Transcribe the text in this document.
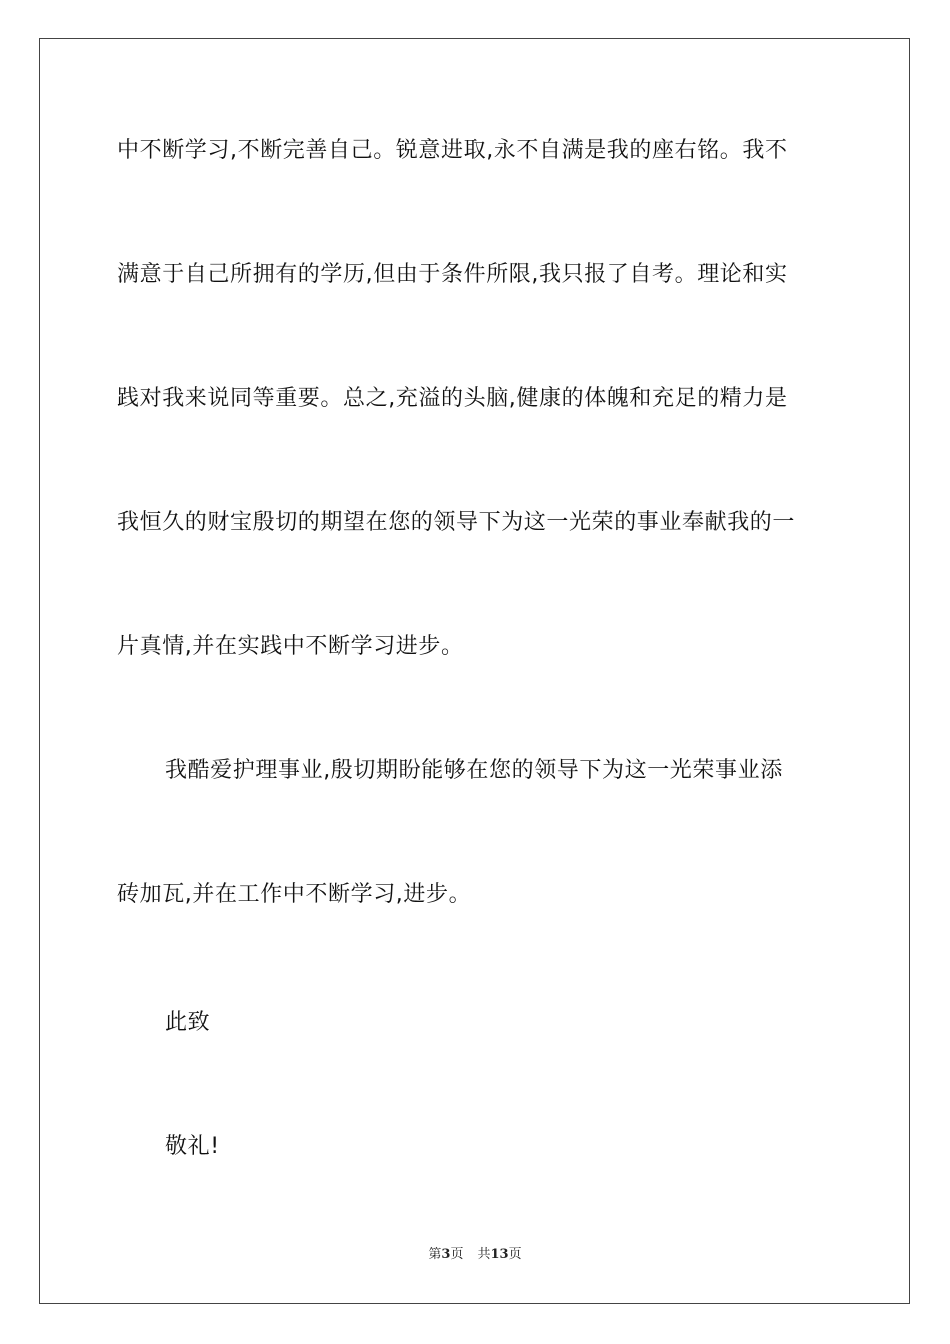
中不断学习,不断完善自己。锐意进取,永不自满是我的座右铭。我不
满意于自己所拥有的学历,但由于条件所限,我只报了自考。理论和实
践对我来说同等重要。总之,充溢的头脑,健康的体魄和充足的精力是
我恒久的财宝殷切的期望在您的领导下为这一光荣的事业奉献我的一
片真情,并在实践中不断学习进步。
我酷爱护理事业,殷切期盼能够在您的领导下为这一光荣事业添
砖加瓦,并在工作中不断学习,进步。
此致
敬礼!
第3页 共13页
